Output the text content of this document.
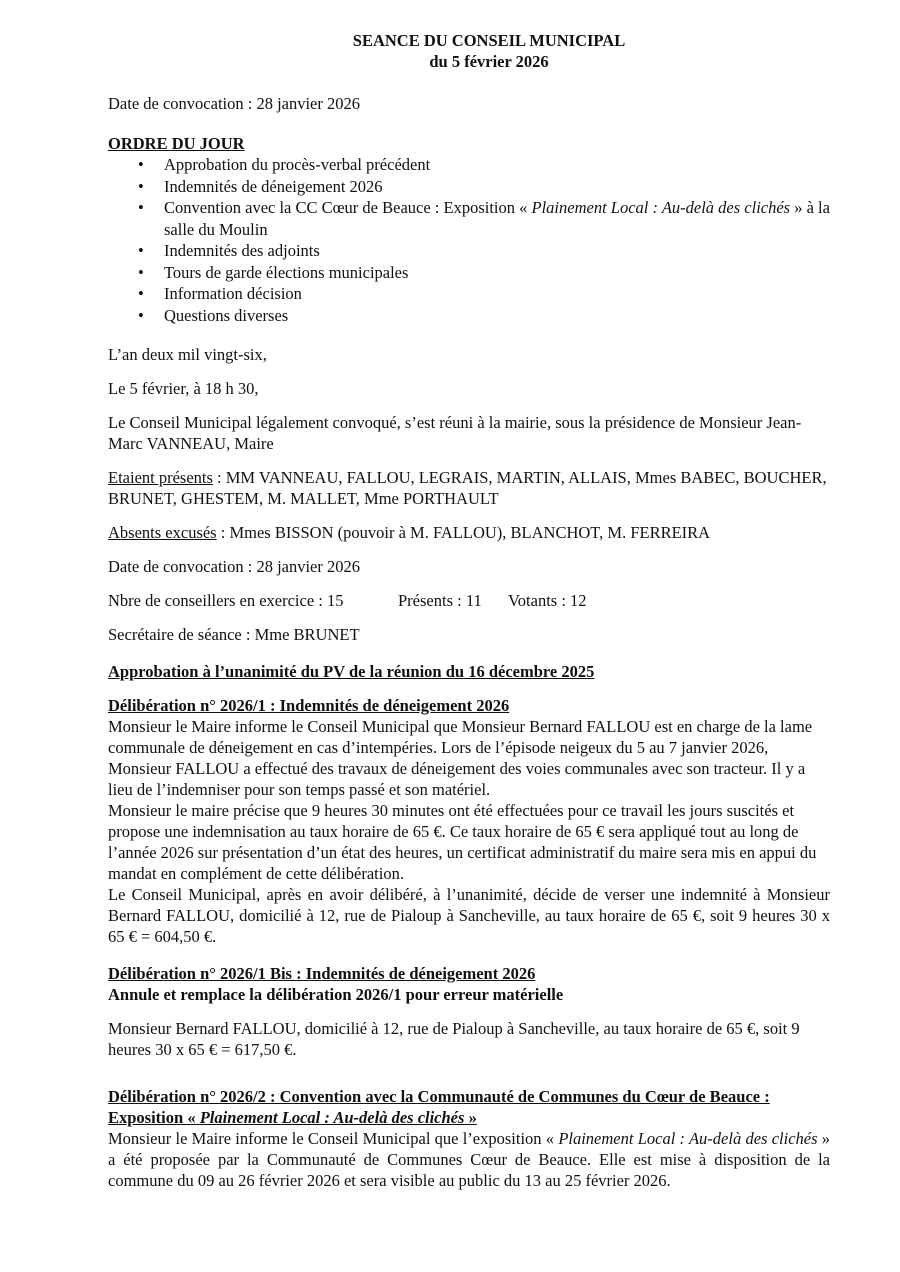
SEANCE DU CONSEIL MUNICIPAL
du 5 février 2026

Date de convocation : 28 janvier 2026

ORDRE DU JOUR

• Approbation du procès-verbal précédent
• Indemnités de déneigement 2026
• Convention avec la CC Cœur de Beauce : Exposition « Plainement Local : Au-delà des clichés » à la salle du Moulin
• Indemnités des adjoints
• Tours de garde élections municipales
• Information décision
• Questions diverses

L’an deux mil vingt-six,

Le 5 février, à 18 h 30,

Le Conseil Municipal légalement convoqué, s’est réuni à la mairie, sous la présidence de Monsieur Jean-Marc VANNEAU, Maire

Etaient présents : MM VANNEAU, FALLOU, LEGRAIS, MARTIN, ALLAIS, Mmes BABEC, BOUCHER, BRUNET, GHESTEM, M. MALLET, Mme PORTHAULT

Absents excusés : Mmes BISSON (pouvoir à M. FALLOU), BLANCHOT, M. FERREIRA

Date de convocation : 28 janvier 2026

Nbre de conseillers en exercice : 15	Présents : 11 Votants : 12

Secrétaire de séance : Mme BRUNET

Approbation à l’unanimité du PV de la réunion du 16 décembre 2025

Délibération n° 2026/1 : Indemnités de déneigement 2026

Monsieur le Maire informe le Conseil Municipal que Monsieur Bernard FALLOU est en charge de la lame communale de déneigement en cas d’intempéries. Lors de l’épisode neigeux du 5 au 7 janvier 2026, Monsieur FALLOU a effectué des travaux de déneigement des voies communales avec son tracteur. Il y a lieu de l’indemniser pour son temps passé et son matériel.

Monsieur le maire précise que 9 heures 30 minutes ont été effectuées pour ce travail les jours suscités et propose une indemnisation au taux horaire de 65 €. Ce taux horaire de 65 € sera appliqué tout au long de l’année 2026 sur présentation d’un état des heures, un certificat administratif du maire sera mis en appui du mandat en complément de cette délibération.

Le Conseil Municipal, après en avoir délibéré, à l’unanimité, décide de verser une indemnité à Monsieur Bernard FALLOU, domicilié à 12, rue de Pialoup à Sancheville, au taux horaire de 65 €, soit 9 heures 30 x 65 € = 604,50 €.

Délibération n° 2026/1 Bis : Indemnités de déneigement 2026

Annule et remplace la délibération 2026/1 pour erreur matérielle

Monsieur Bernard FALLOU, domicilié à 12, rue de Pialoup à Sancheville, au taux horaire de 65 €, soit 9 heures 30 x 65 € = 617,50 €.

Délibération n° 2026/2 : Convention avec la Communauté de Communes du Cœur de Beauce :

Exposition « Plainement Local : Au-delà des clichés »

Monsieur le Maire informe le Conseil Municipal que l’exposition « Plainement Local : Au-delà des clichés » a été proposée par la Communauté de Communes Cœur de Beauce. Elle est mise à disposition de la commune du 09 au 26 février 2026 et sera visible au public du 13 au 25 février 2026.
